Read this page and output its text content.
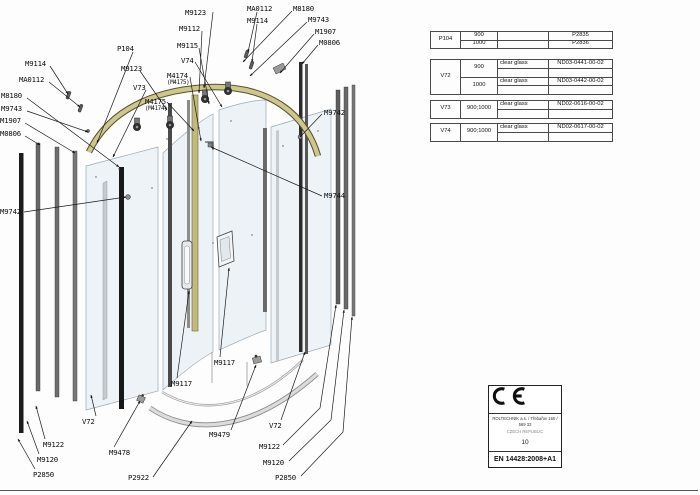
M9123	MA0112	M8180
M9114	M9743
M1907
M0806
P104
M9123
V73
M4175
(M4174)
M9112
M9115
V74
M4174
(M4175)
M9114
MA0112
M8180
M9743
M1907
M0806
M9742
M9742
M9744
V72
M9122
M9120
P2850
M9478
P2922
M9117
M9117
M9479
V72
M9122
M9120
P2850
P104	900		P2835
	1000		P2836
V72	900	clear glass	ND03-0441-00-02

	1000	clear glass	ND03-0442-00-02

V73	900;1000	clear glass	ND02-0616-00-02

V74	900;1000	clear glass	ND02-0617-00-02

ROLTECHNIK a.s. / Třebařov 160 / 569 33
CZECH REPUBLIC
10
EN 14428:2008+A1
